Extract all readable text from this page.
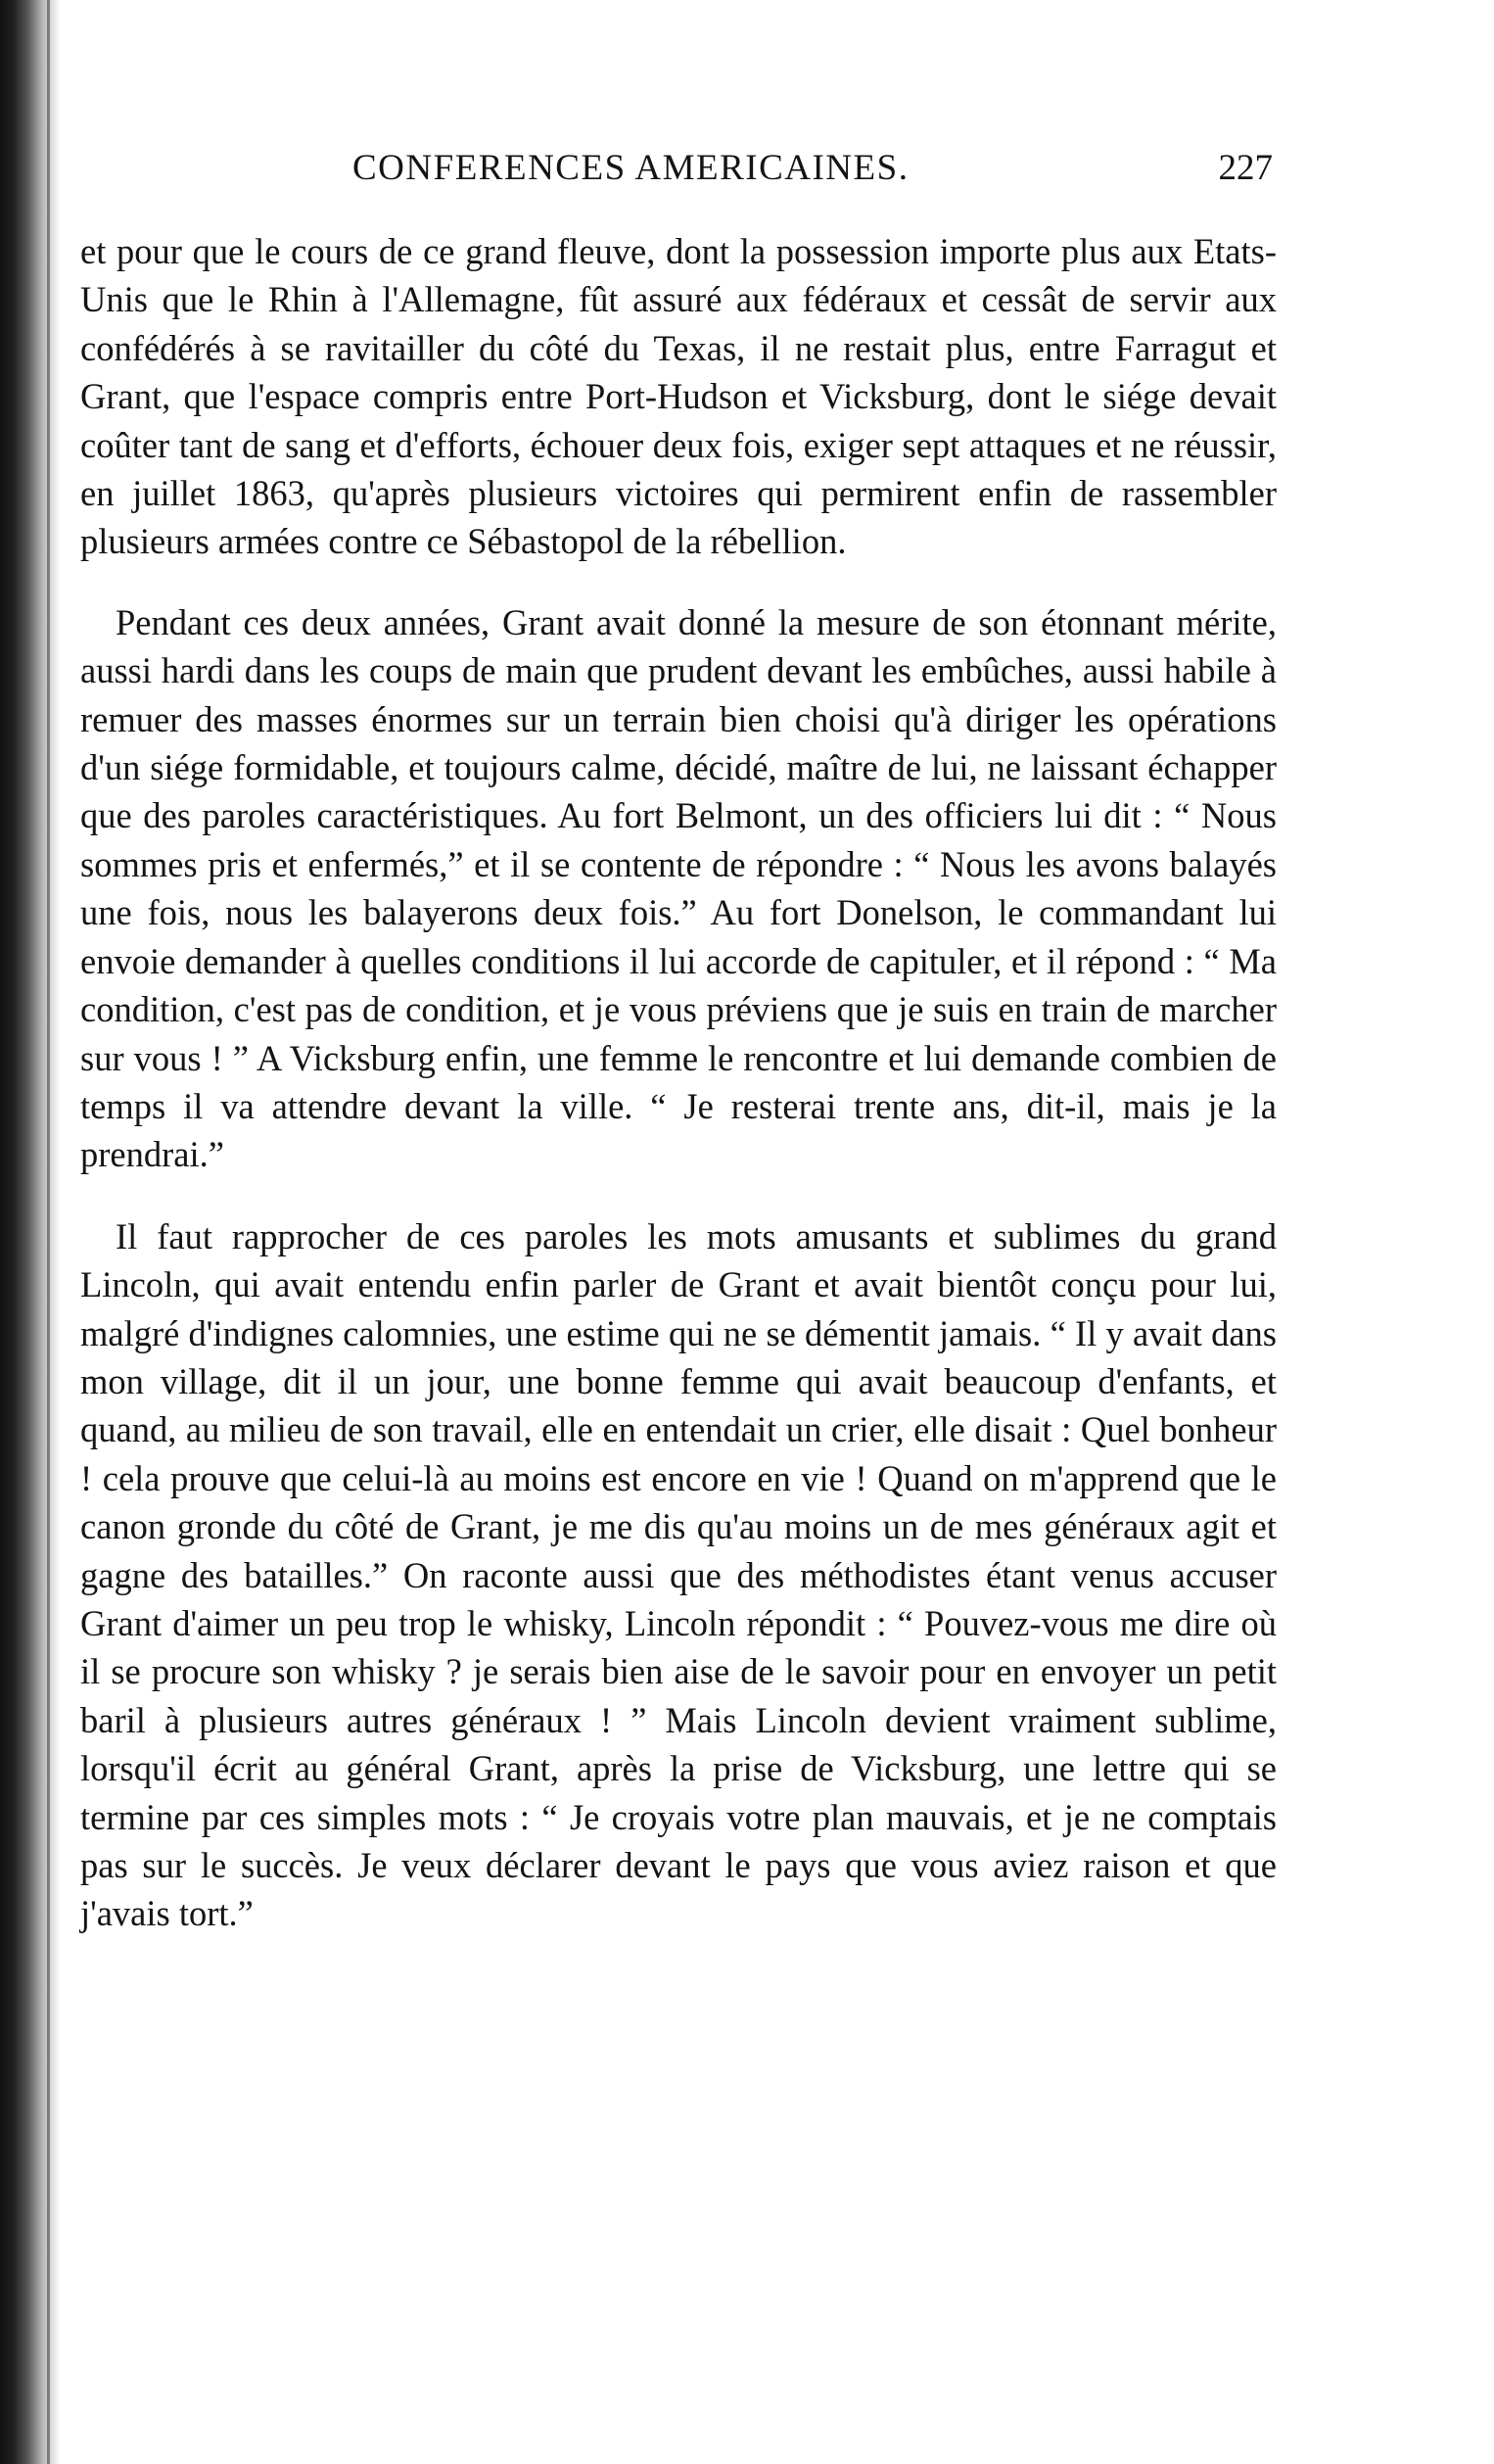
CONFERENCES AMERICAINES.	227

et pour que le cours de ce grand fleuve, dont la possession importe plus aux Etats-Unis que le Rhin à l'Allemagne, fût assuré aux fédéraux et cessât de servir aux confédérés à se ravitailler du côté du Texas, il ne restait plus, entre Farragut et Grant, que l'espace compris entre Port-Hudson et Vicksburg, dont le siége devait coûter tant de sang et d'efforts, échouer deux fois, exiger sept attaques et ne réussir, en juillet 1863, qu'après plusieurs victoires qui permirent enfin de rassembler plusieurs armées contre ce Sébastopol de la rébellion.

Pendant ces deux années, Grant avait donné la mesure de son étonnant mérite, aussi hardi dans les coups de main que prudent devant les embûches, aussi habile à remuer des masses énormes sur un terrain bien choisi qu'à diriger les opérations d'un siége formidable, et toujours calme, décidé, maître de lui, ne laissant échapper que des paroles caractéristiques. Au fort Belmont, un des officiers lui dit : “ Nous sommes pris et enfermés,” et il se contente de répondre : “ Nous les avons balayés une fois, nous les balayerons deux fois.” Au fort Donelson, le commandant lui envoie demander à quelles conditions il lui accorde de capituler, et il répond : “ Ma condition, c'est pas de condition, et je vous préviens que je suis en train de marcher sur vous ! ” A Vicksburg enfin, une femme le rencontre et lui demande combien de temps il va attendre devant la ville. “ Je resterai trente ans, dit-il, mais je la prendrai.”

Il faut rapprocher de ces paroles les mots amusants et sublimes du grand Lincoln, qui avait entendu enfin parler de Grant et avait bientôt conçu pour lui, malgré d'indignes calomnies, une estime qui ne se démentit jamais. “ Il y avait dans mon village, dit il un jour, une bonne femme qui avait beaucoup d'enfants, et quand, au milieu de son travail, elle en entendait un crier, elle disait : Quel bonheur ! cela prouve que celui-là au moins est encore en vie ! Quand on m'apprend que le canon gronde du côté de Grant, je me dis qu'au moins un de mes généraux agit et gagne des batailles.” On raconte aussi que des méthodistes étant venus accuser Grant d'aimer un peu trop le whisky, Lincoln répondit : “ Pouvez-vous me dire où il se procure son whisky ? je serais bien aise de le savoir pour en envoyer un petit baril à plusieurs autres généraux ! ” Mais Lincoln devient vraiment sublime, lorsqu'il écrit au général Grant, après la prise de Vicksburg, une lettre qui se termine par ces simples mots : “ Je croyais votre plan mauvais, et je ne comptais pas sur le succès. Je veux déclarer devant le pays que vous aviez raison et que j'avais tort.”
